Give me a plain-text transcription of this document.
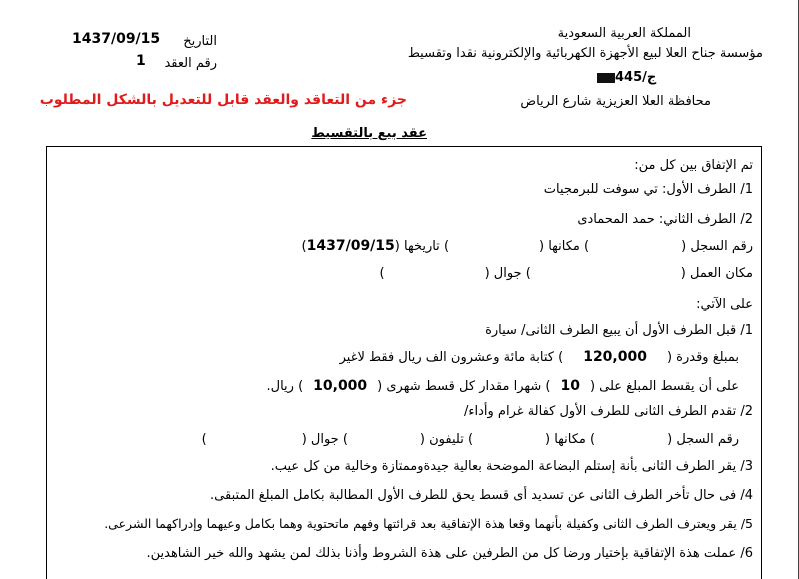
المملكة العربية السعودية
مؤسسة جناح العلا لبيع الأجهزة الكهربائية والإلكترونية نقدا وتقسيط
445/ج
محافظة العلا العزيزية شارع الرياض
التاريخ
1437/09/15
رقم العقد
1
جزء من التعاقد والعقد قابل للتعديل بالشكل المطلوب
عقد بيع بالتقسيط
تم الإتفاق بين كل من:
1/ الطرف الأول: تي سوفت للبرمجيات
2/ الطرف الثاني: حمد المحمادى
رقم السجل () مكانها () تاريخها (1437/09/15)
مكان العمل () جوال ()
على الآتي:
1/ قبل الطرف الأول أن يبيع الطرف الثانى/ سيارة
بمبلغ وقدرة (120,000) كتابة مائة وعشرون الف ريال فقط لاغير
على أن يقسط المبلغ على (10) شهرا مقدار كل قسط شهرى (10,000) ريال.
2/ تقدم الطرف الثانى للطرف الأول كفالة غرام وأداء/
رقم السجل () مكانها () تليفون () جوال ()
3/ يقر الطرف الثانى بأنة إستلم البضاعة الموضحة بعالية جيدةوممتازة وخالية من كل عيب.
4/ فى حال تأخر الطرف الثانى عن تسديد أى قسط يحق للطرف الأول المطالبة بكامل المبلغ المتبقى.
5/ يقر ويعترف الطرف الثانى وكفيلة بأنهما وقعا هذة الإتفاقية بعد قرائتها وفهم ماتحتوية وهما بكامل وعيهما وإدراكهما الشرعى.
6/ عملت هذة الإتفاقية بإختيار ورضا كل من الطرفين على هذة الشروط وأذنا بذلك لمن يشهد والله خير الشاهدين.
